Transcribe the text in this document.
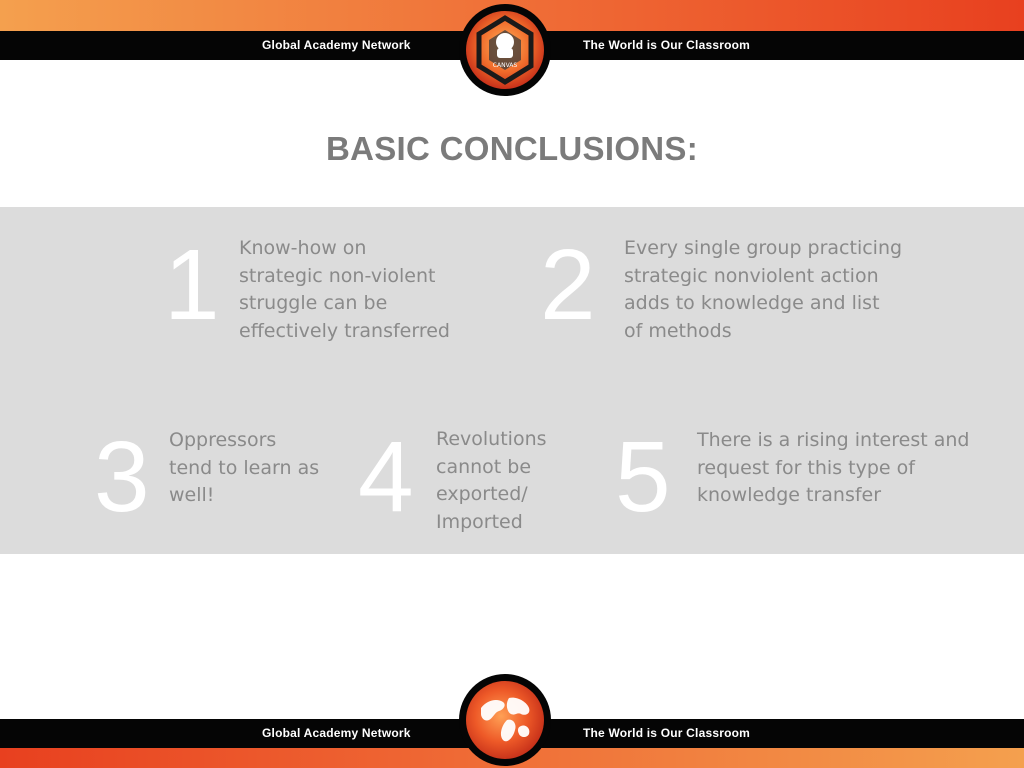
Global Academy Network	The World is Our Classroom
CANVAS
BASIC CONCLUSIONS:
1 Know-how on
strategic non-violent
struggle can be
effectively transferred 2 Every single group practicing
strategic nonviolent action
adds to knowledge and list
of methods
3 Oppressors
tend to learn as
well!	4 Revolutions
cannot be
exported/
Imported 5 There is a rising interest and
request for this type of
knowledge transfer
Global Academy Network	The World is Our Classroom
